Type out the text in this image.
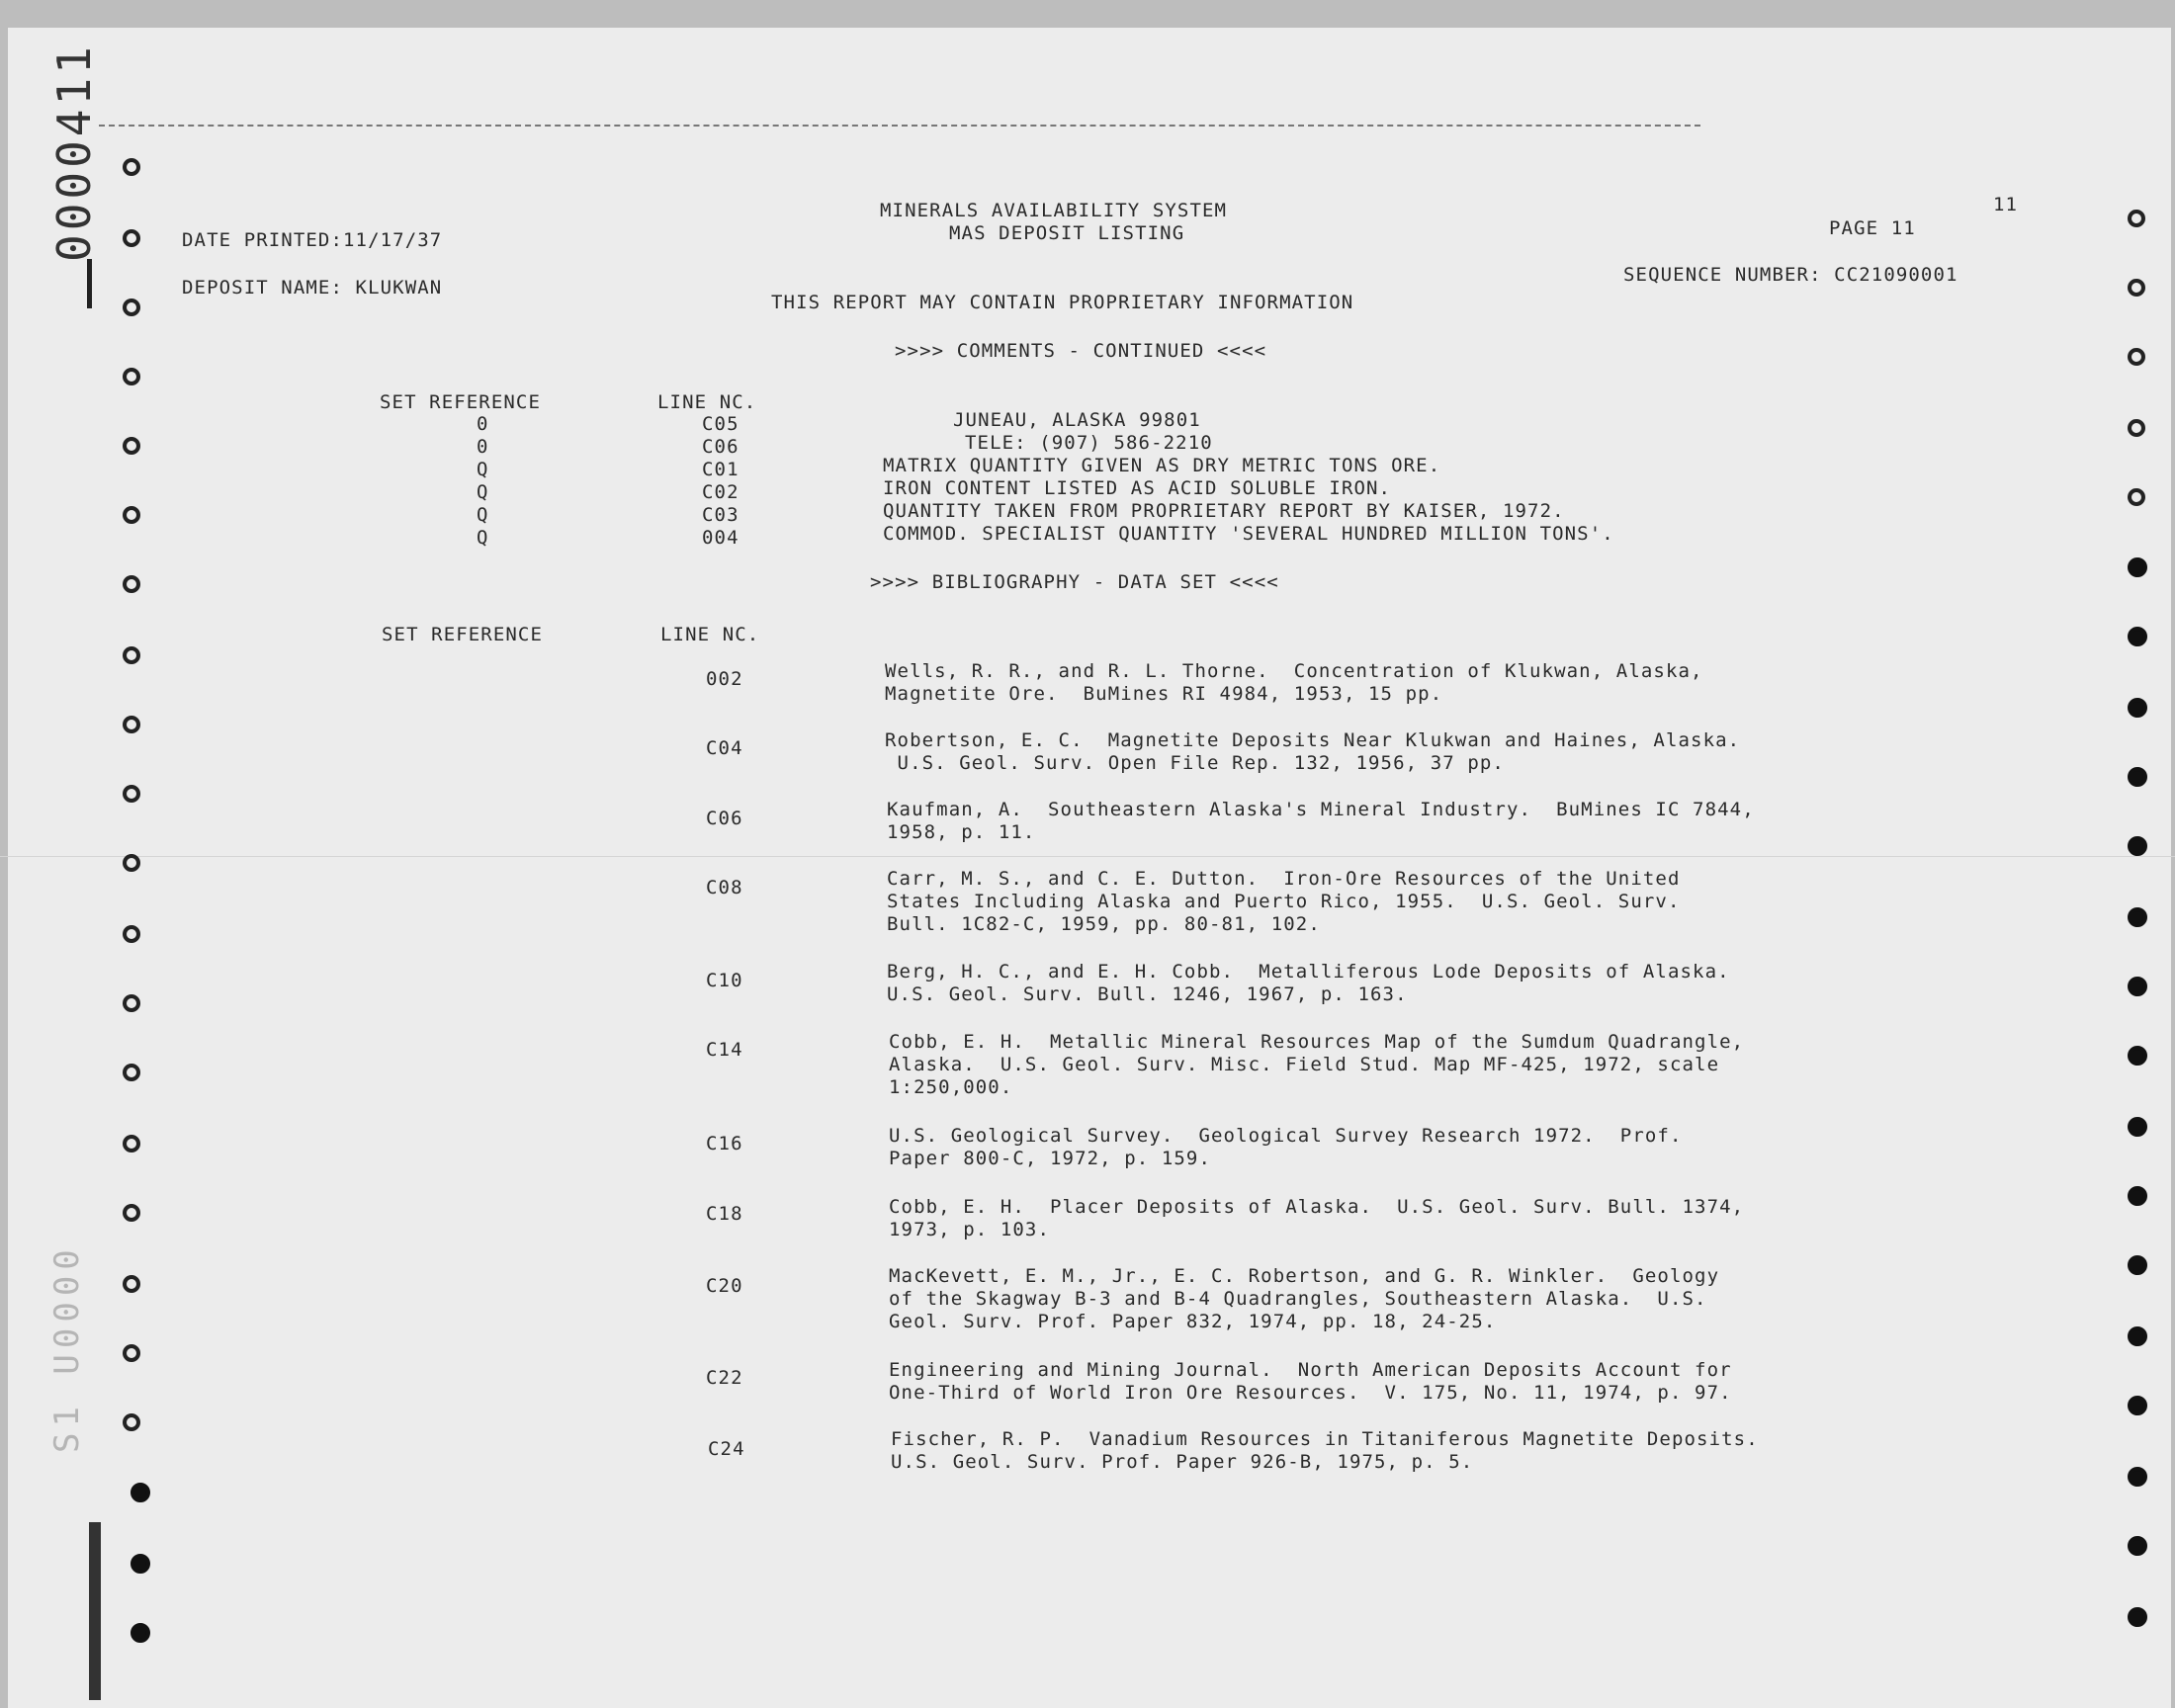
0000411
S1 U0000
MINERALS AVAILABILITY SYSTEM
MAS DEPOSIT LISTING
DATE PRINTED:11/17/37
PAGE 11
11
DEPOSIT NAME: KLUKWAN
SEQUENCE NUMBER: CC21090001
THIS REPORT MAY CONTAIN PROPRIETARY INFORMATION
>>>> COMMENTS - CONTINUED <<<<
SET REFERENCE	LINE NC.
0	C05	JUNEAU, ALASKA 99801
0	C06	TELE: (907) 586-2210
Q	C01	MATRIX QUANTITY GIVEN AS DRY METRIC TONS ORE.
Q	C02	IRON CONTENT LISTED AS ACID SOLUBLE IRON.
Q	C03	QUANTITY TAKEN FROM PROPRIETARY REPORT BY KAISER, 1972.
Q	004	COMMOD. SPECIALIST QUANTITY 'SEVERAL HUNDRED MILLION TONS'.
>>>> BIBLIOGRAPHY - DATA SET <<<<
SET REFERENCE	LINE NC.
002	Wells, R. R., and R. L. Thorne.  Concentration of Klukwan, Alaska,
Magnetite Ore.  BuMines RI 4984, 1953, 15 pp.
C04	Robertson, E. C.  Magnetite Deposits Near Klukwan and Haines, Alaska.
U.S. Geol. Surv. Open File Rep. 132, 1956, 37 pp.
C06	Kaufman, A.  Southeastern Alaska's Mineral Industry.  BuMines IC 7844,
1958, p. 11.
C08	Carr, M. S., and C. E. Dutton.  Iron-Ore Resources of the United
States Including Alaska and Puerto Rico, 1955.  U.S. Geol. Surv.
Bull. 1C82-C, 1959, pp. 80-81, 102.
C10	Berg, H. C., and E. H. Cobb.  Metalliferous Lode Deposits of Alaska.
U.S. Geol. Surv. Bull. 1246, 1967, p. 163.
C14	Cobb, E. H.  Metallic Mineral Resources Map of the Sumdum Quadrangle,
Alaska.  U.S. Geol. Surv. Misc. Field Stud. Map MF-425, 1972, scale
1:250,000.
C16	U.S. Geological Survey.  Geological Survey Research 1972.  Prof.
Paper 800-C, 1972, p. 159.
C18	Cobb, E. H.  Placer Deposits of Alaska.  U.S. Geol. Surv. Bull. 1374,
1973, p. 103.
C20	MacKevett, E. M., Jr., E. C. Robertson, and G. R. Winkler.  Geology
of the Skagway B-3 and B-4 Quadrangles, Southeastern Alaska.  U.S.
Geol. Surv. Prof. Paper 832, 1974, pp. 18, 24-25.
C22	Engineering and Mining Journal.  North American Deposits Account for
One-Third of World Iron Ore Resources.  V. 175, No. 11, 1974, p. 97.
C24	Fischer, R. P.  Vanadium Resources in Titaniferous Magnetite Deposits.
U.S. Geol. Surv. Prof. Paper 926-B, 1975, p. 5.
